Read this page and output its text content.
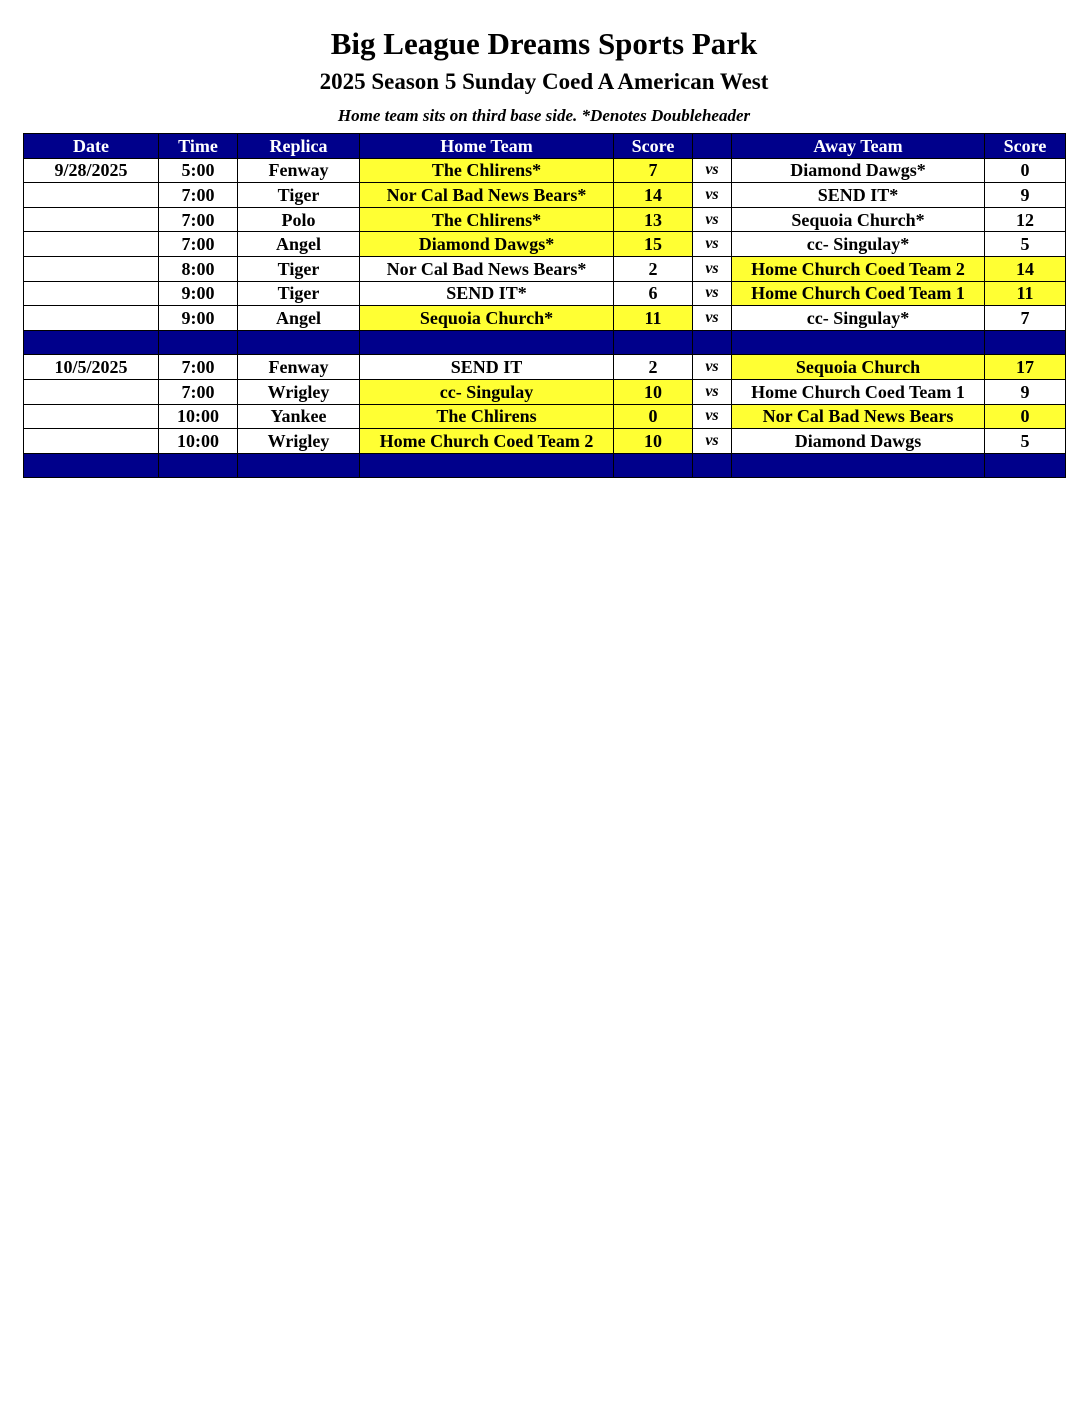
Big League Dreams Sports Park
2025 Season 5 Sunday Coed A American West
Home team sits on third base side. *Denotes Doubleheader
Date	Time	Replica	Home Team	Score		Away Team	Score
9/28/2025	5:00	Fenway	The Chlirens*	7	vs	Diamond Dawgs*	0
	7:00	Tiger	Nor Cal Bad News Bears*	14	vs	SEND IT*	9
	7:00	Polo	The Chlirens*	13	vs	Sequoia Church*	12
	7:00	Angel	Diamond Dawgs*	15	vs	cc- Singulay*	5
	8:00	Tiger	Nor Cal Bad News Bears*	2	vs	Home Church Coed Team 2	14
	9:00	Tiger	SEND IT*	6	vs	Home Church Coed Team 1	11
	9:00	Angel	Sequoia Church*	11	vs	cc- Singulay*	7

10/5/2025	7:00	Fenway	SEND IT	2	vs	Sequoia Church	17
	7:00	Wrigley	cc- Singulay	10	vs	Home Church Coed Team 1	9
	10:00	Yankee	The Chlirens	0	vs	Nor Cal Bad News Bears	0
	10:00	Wrigley	Home Church Coed Team 2	10	vs	Diamond Dawgs	5
